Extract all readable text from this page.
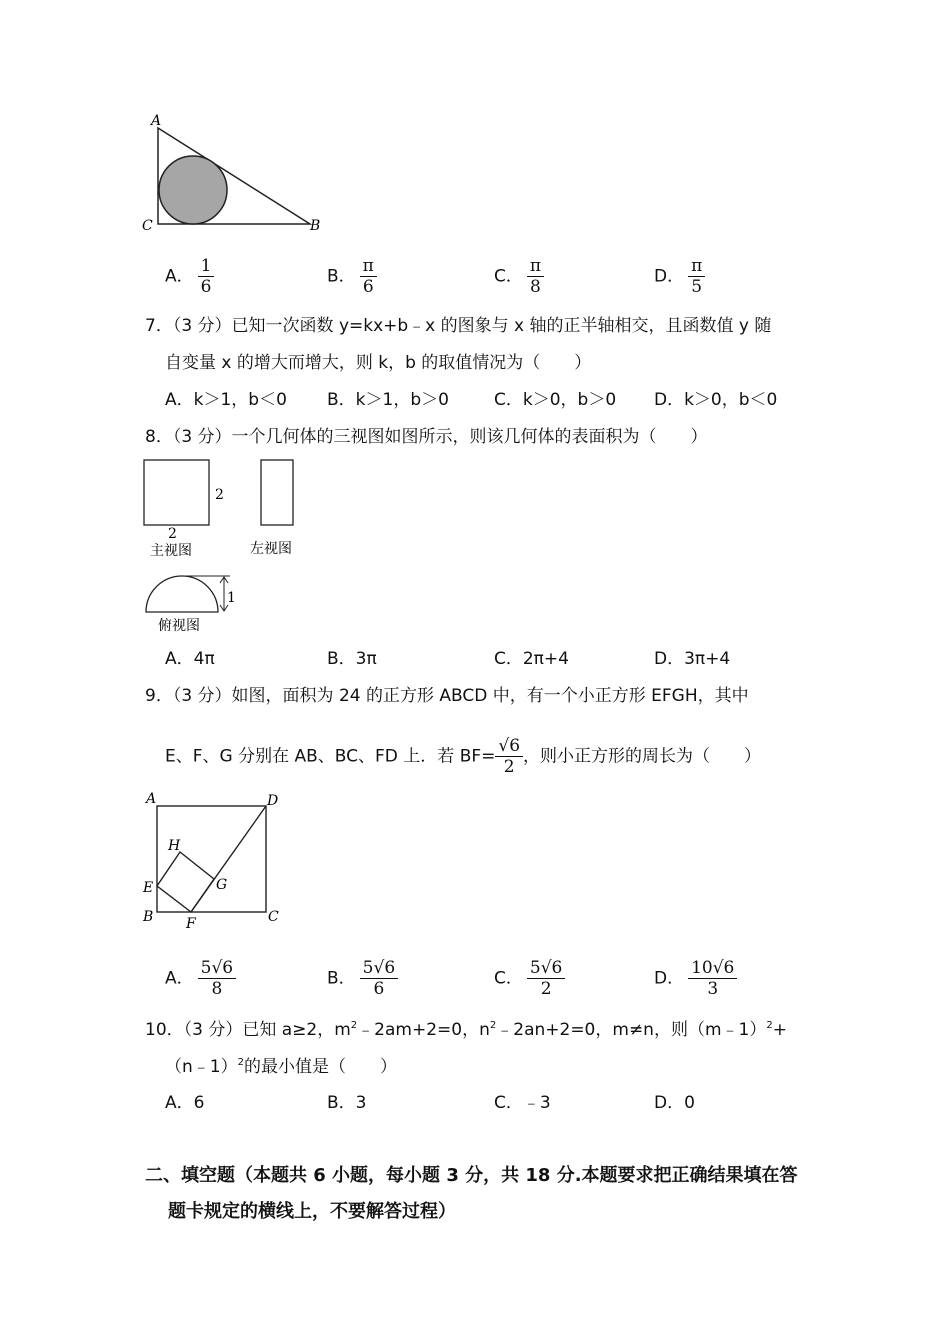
A
C	B
A． $\frac{1}{6}$	B． $\frac{\pi}{6}$	C． $\frac{\pi}{8}$	D． $\frac{\pi}{5}$
7．（3 分）已知一次函数 y=kx+b﹣x 的图象与 x 轴的正半轴相交，且函数值 y 随
自变量 x 的增大而增大，则 k，b 的取值情况为（　　）
A．k＞1，b＜0 B．k＞1，b＞0	C．k＞0，b＞0 D．k＞0，b＜0
8．（3 分）一个几何体的三视图如图所示，则该几何体的表面积为（　　）
2
2
主视图	左视图
1
俯视图
A．4π	B．3π	C．2π+4	D．3π+4
9．（3 分）如图，面积为 24 的正方形 ABCD 中，有一个小正方形 EFGH，其中
E、F、G 分别在 AB、BC、FD 上．若 $BF= \frac{√6}{2}$ ，则小正方形的周长为（　　）
A	D
H
E	G
B F	C
A． $\frac{5√6}{8}$	B． $\frac{5√6}{6}$	C． $\frac{5√6}{2}$	D． $\frac{10√6}{3}$
10．（3 分）已知 a≥2，$m^2﹣2am+2=0$，$n^2﹣2an+2=0$，m≠n，则（m﹣1）$^2$+
（n﹣1）$^2$的最小值是（　　）
A．6	B．3	C．﹣3	D．0
二、填空题（本题共 6 小题，每小题 3 分，共 18 分.本题要求把正确结果填在答
题卡规定的横线上，不要解答过程）
